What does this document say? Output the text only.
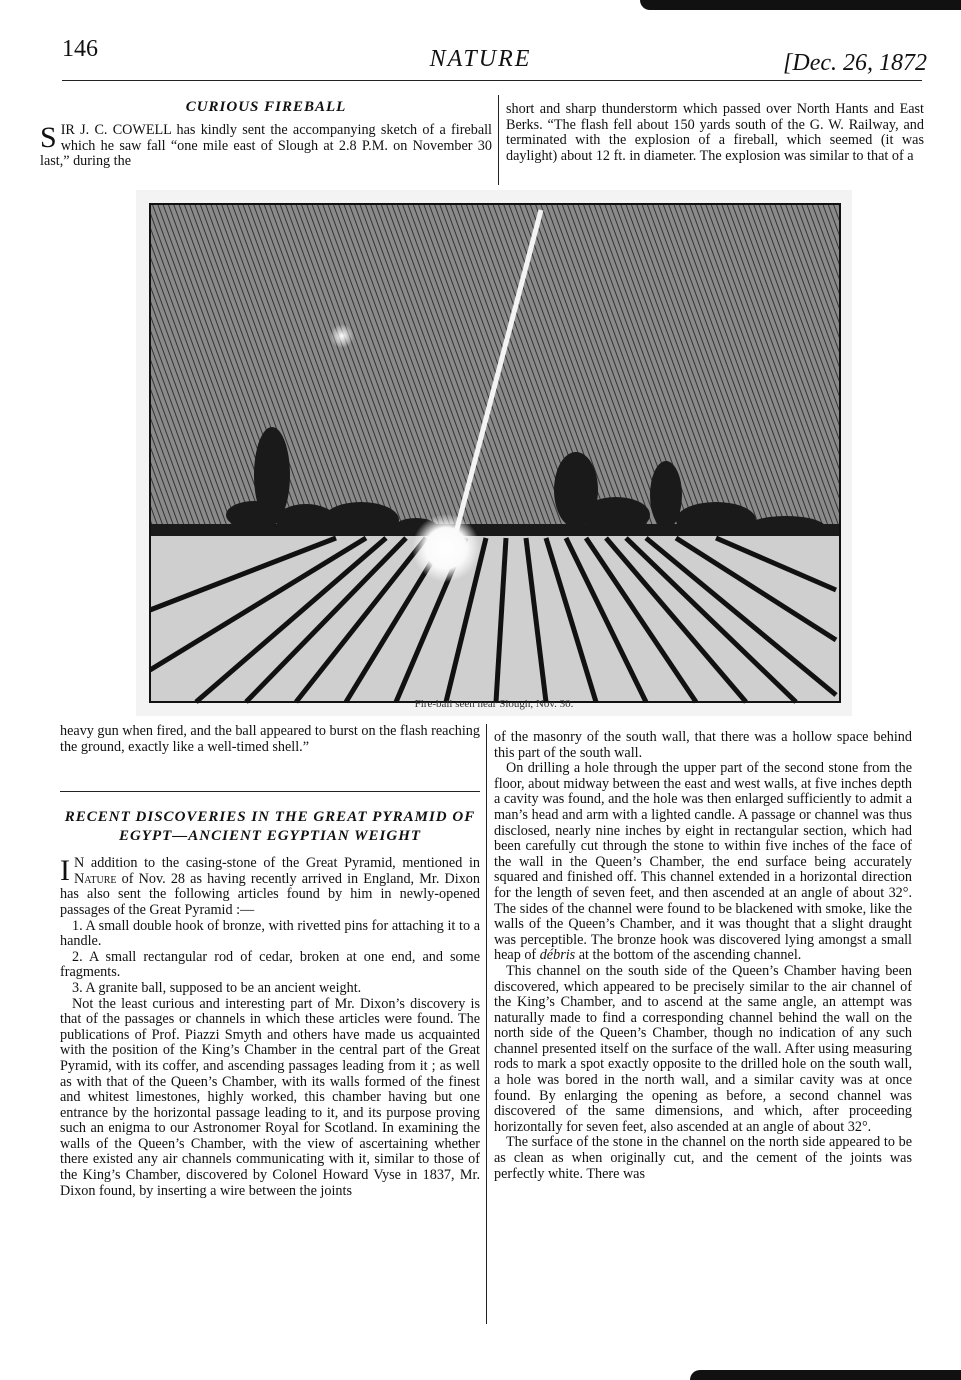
146	NATURE	[Dec. 26, 1872
CURIOUS FIREBALL

SIR J. C. COWELL has kindly sent the accompanying sketch of a fireball which he saw fall “one mile east of Slough at 2.8 P.M. on November 30 last,” during the

short and sharp thunderstorm which passed over North Hants and East Berks. “The flash fell about 150 yards south of the G. W. Railway, and terminated with the explosion of a fireball, which seemed (it was daylight) about 12 ft. in diameter. The explosion was similar to that of a

Fire-ball seen near Slough, Nov. 30.

heavy gun when fired, and the ball appeared to burst on the flash reaching the ground, exactly like a well-timed shell.”

RECENT DISCOVERIES IN THE GREAT PYRAMID OF EGYPT—ANCIENT EGYPTIAN WEIGHT

I N addition to the casing-stone of the Great Pyramid, mentioned in Nature of Nov. 28 as having recently arrived in England, Mr. Dixon has also sent the following articles found by him in newly-opened passages of the Great Pyramid :—

1. A small double hook of bronze, with rivetted pins for attaching it to a handle.

2. A small rectangular rod of cedar, broken at one end, and some fragments.

3. A granite ball, supposed to be an ancient weight.

Not the least curious and interesting part of Mr. Dixon’s discovery is that of the passages or channels in which these articles were found. The publications of Prof. Piazzi Smyth and others have made us acquainted with the position of the King’s Chamber in the central part of the Great Pyramid, with its coffer, and ascending passages leading from it ; as well as with that of the Queen’s Chamber, with its walls formed of the finest and whitest limestones, highly worked, this chamber having but one entrance by the horizontal passage leading to it, and its purpose proving such an enigma to our Astronomer Royal for Scotland. In examining the walls of the Queen’s Chamber, with the view of ascertaining whether there existed any air channels communicating with it, similar to those of the King’s Chamber, discovered by Colonel Howard Vyse in 1837, Mr. Dixon found, by inserting a wire between the joints

of the masonry of the south wall, that there was a hollow space behind this part of the south wall.

On drilling a hole through the upper part of the second stone from the floor, about midway between the east and west walls, at five inches depth a cavity was found, and the hole was then enlarged sufficiently to admit a man’s head and arm with a lighted candle. A passage or channel was thus disclosed, nearly nine inches by eight in rectangular section, which had been carefully cut through the stone to within five inches of the face of the wall in the Queen’s Chamber, the end surface being accurately squared and finished off. This channel extended in a horizontal direction for the length of seven feet, and then ascended at an angle of about 32°. The sides of the channel were found to be blackened with smoke, like the walls of the Queen’s Chamber, and it was thought that a slight draught was perceptible. The bronze hook was discovered lying amongst a small heap of débris at the bottom of the ascending channel.

This channel on the south side of the Queen’s Chamber having been discovered, which appeared to be precisely similar to the air channel of the King’s Chamber, and to ascend at the same angle, an attempt was naturally made to find a corresponding channel behind the wall on the north side of the Queen’s Chamber, though no indication of any such channel presented itself on the surface of the wall. After using measuring rods to mark a spot exactly opposite to the drilled hole on the south wall, a hole was bored in the north wall, and a similar cavity was at once found. By enlarging the opening as before, a second channel was discovered of the same dimensions, and which, after proceeding horizontally for seven feet, also ascended at an angle of about 32°.

The surface of the stone in the channel on the north side appeared to be as clean as when originally cut, and the cement of the joints was perfectly white. There was
